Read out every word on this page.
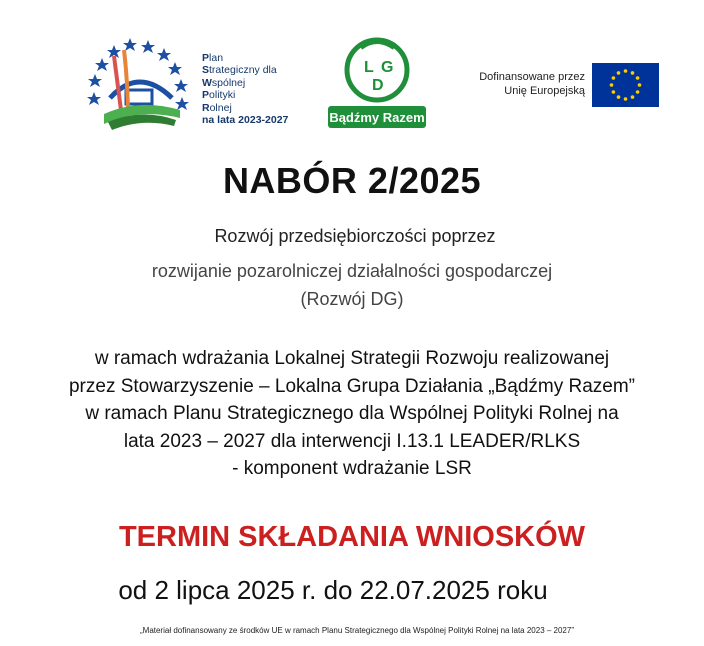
Plan
Strategiczny dla
Wspólnej
Polityki
Rolnej
na lata 2023-2027
L G
D
Bądźmy Razem
Dofinansowane przez
Unię Europejską
NABÓR 2/2025
Rozwój przedsiębiorczości poprzez
rozwijanie pozarolniczej działalności gospodarczej
(Rozwój DG)
w ramach wdrażania Lokalnej Strategii Rozwoju realizowanej
przez Stowarzyszenie – Lokalna Grupa Działania „Bądźmy Razem”
w ramach Planu Strategicznego dla Wspólnej Polityki Rolnej na
lata 2023 – 2027 dla interwencji I.13.1 LEADER/RLKS
- komponent wdrażanie LSR
TERMIN SKŁADANIA WNIOSKÓW
od 2 lipca 2025 r. do 22.07.2025 roku
„Materiał dofinansowany ze środków UE w ramach Planu Strategicznego dla Wspólnej Polityki Rolnej na lata 2023 – 2027”
